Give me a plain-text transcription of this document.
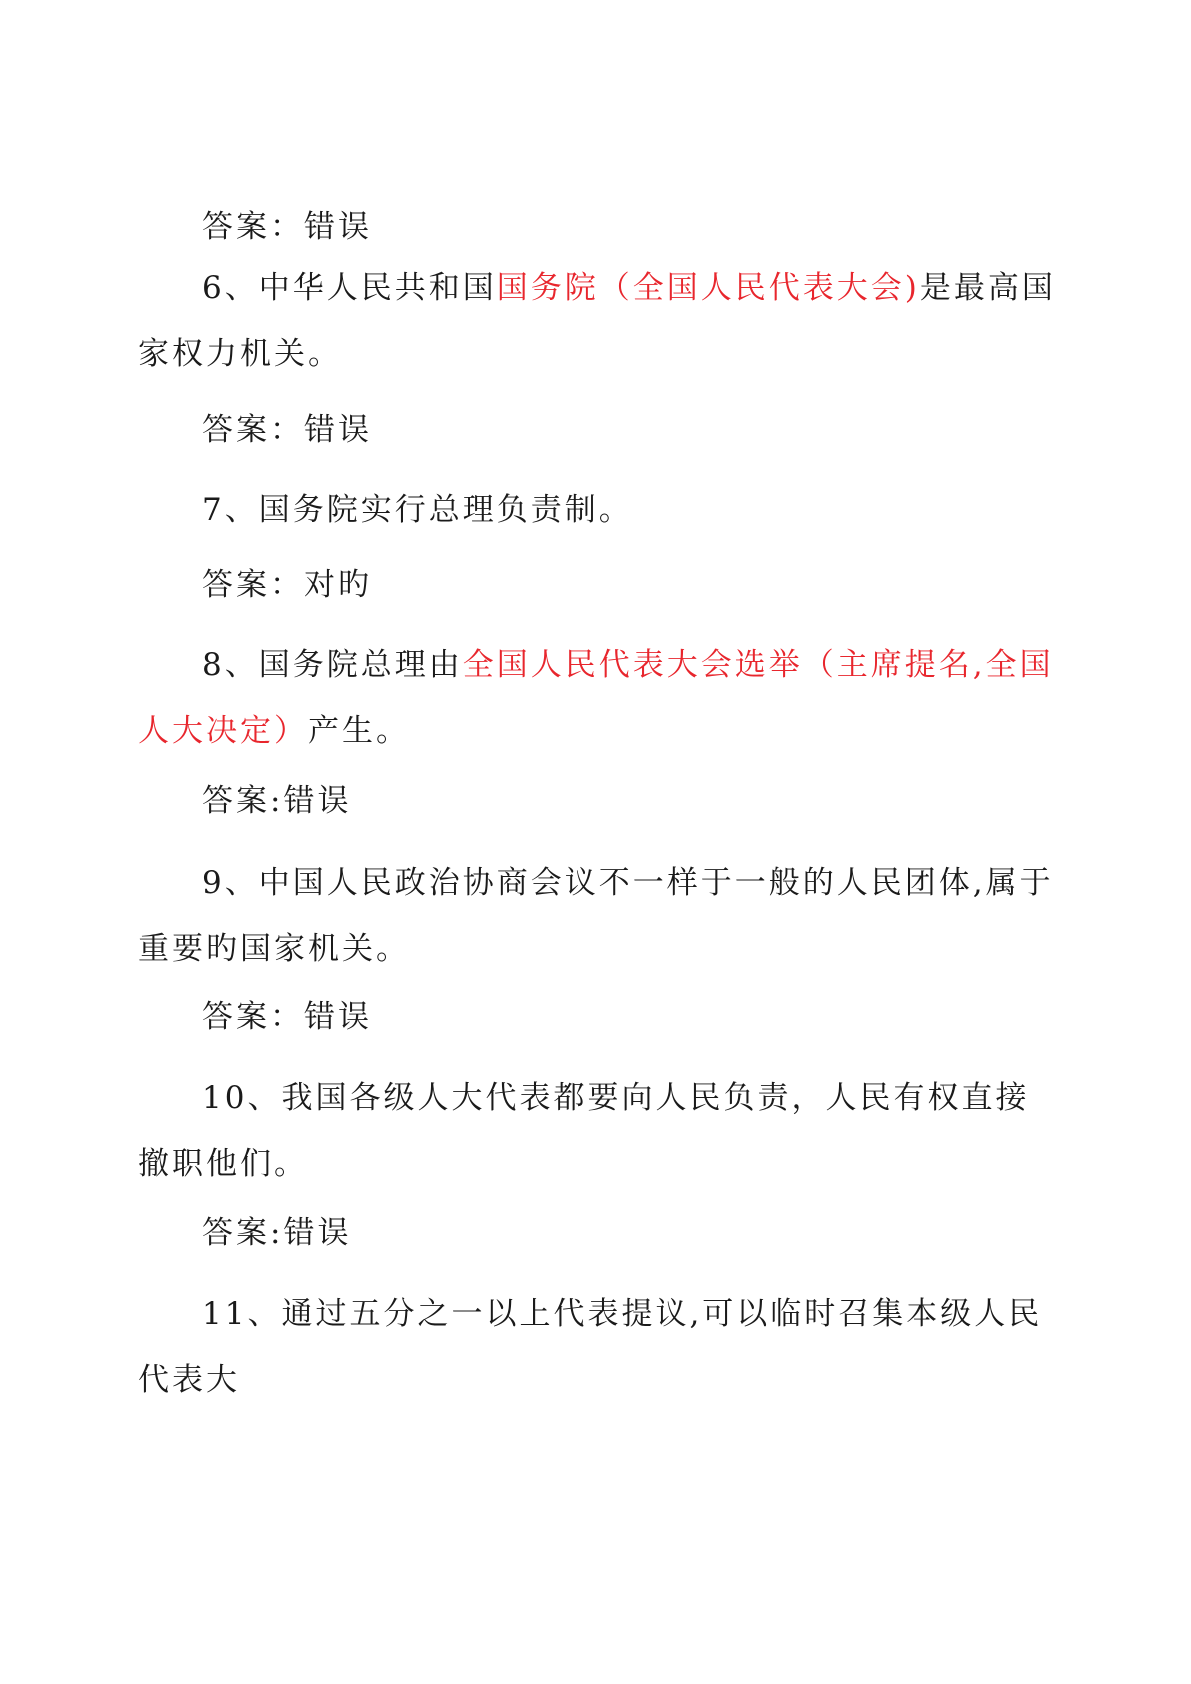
答案：错误

6、中华人民共和国国务院（全国人民代表大会)是最高国家权力机关。

答案：错误

7、国务院实行总理负责制。

答案：对旳

8、国务院总理由全国人民代表大会选举（主席提名,全国人大决定）产生。

答案:错误

9、中国人民政治协商会议不一样于一般的人民团体,属于重要旳国家机关。

答案：错误

10、我国各级人大代表都要向人民负责，人民有权直接撤职他们。

答案:错误

11、通过五分之一以上代表提议,可以临时召集本级人民代表大
